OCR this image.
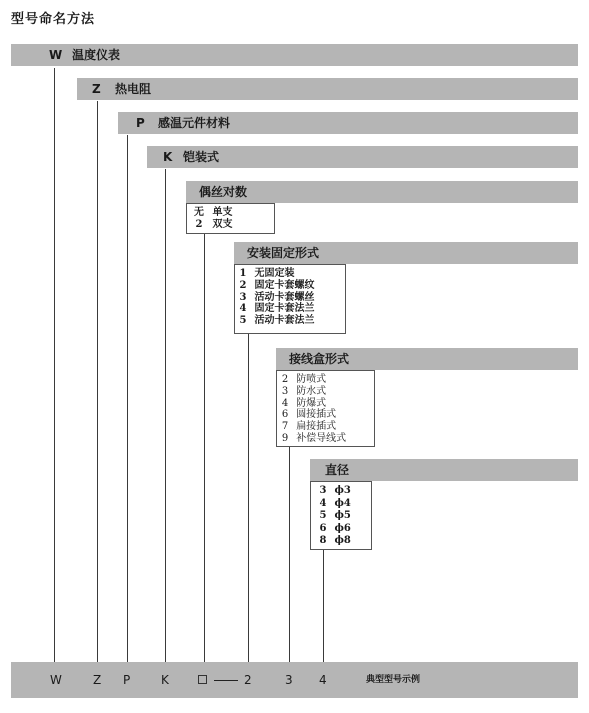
型号命名方法
W 温度仪表
Z 热电阻
P 感温元件材料
K 铠装式
偶丝对数
安装固定形式
接线盒形式
直径
无 单支
2 双支
1 无固定装
2 固定卡套螺纹
3 活动卡套螺丝
4 固定卡套法兰
5 活动卡套法兰
2 防喷式
3 防水式
4 防爆式
6 圆接插式
7 扁接插式
9 补偿导线式
3 ϕ3
4 ϕ4
5 ϕ5
6 ϕ6
8 ϕ8
W	Z P	K	2	3 4	典型型号示例
